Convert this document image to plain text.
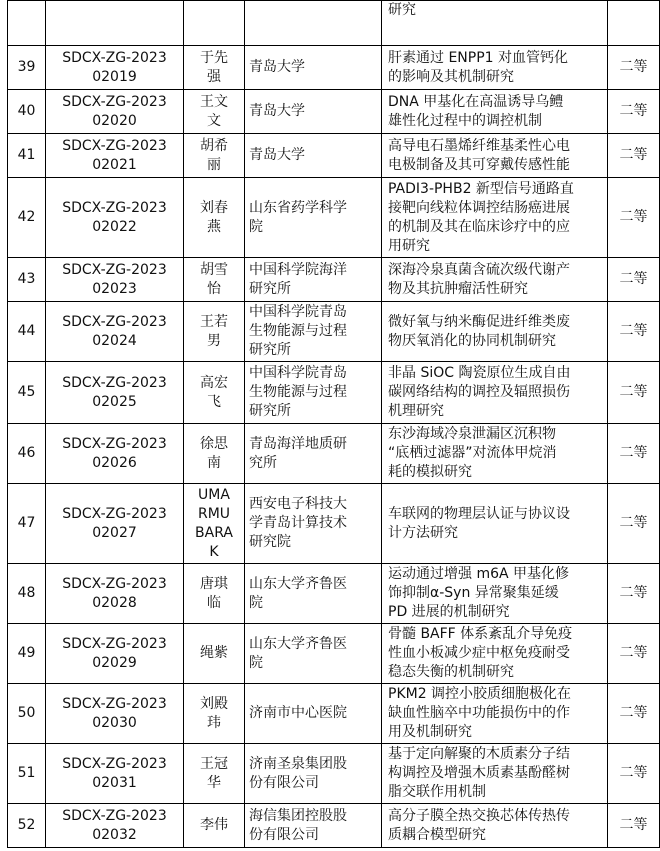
				研究	

39	SDCX-ZG-2023
02019	于先
强	青岛大学	肝素通过 ENPP1 对血管钙化
的影响及其机制研究	二等

40	SDCX-ZG-2023
02020	王文
文	青岛大学	DNA 甲基化在高温诱导乌鳢
雄性化过程中的调控机制	二等

41	SDCX-ZG-2023
02021	胡希
丽	青岛大学	高导电石墨烯纤维基柔性心电
电极制备及其可穿戴传感性能	二等

42	SDCX-ZG-2023
02022	刘春
燕	山东省药学科学
院	PADI3-PHB2 新型信号通路直
接靶向线粒体调控结肠癌进展
的机制及其在临床诊疗中的应
用研究	二等

43	SDCX-ZG-2023
02023	胡雪
怡	中国科学院海洋
研究所	深海冷泉真菌含硫次级代谢产
物及其抗肿瘤活性研究	二等

44	SDCX-ZG-2023
02024	王若
男	中国科学院青岛
生物能源与过程
研究所	微好氧与纳米酶促进纤维类废
物厌氧消化的协同机制研究	二等

45	SDCX-ZG-2023
02025	高宏
飞	中国科学院青岛
生物能源与过程
研究所	非晶 SiOC 陶瓷原位生成自由
碳网络结构的调控及辐照损伤
机理研究	二等

46	SDCX-ZG-2023
02026	徐思
南	青岛海洋地质研
究所	东沙海域冷泉泄漏区沉积物
“底栖过滤器”对流体甲烷消
耗的模拟研究	二等

47	SDCX-ZG-2023
02027	UMA
RMU
BARA
K	西安电子科技大
学青岛计算技术
研究院	车联网的物理层认证与协议设
计方法研究	二等

48	SDCX-ZG-2023
02028	唐琪
临	山东大学齐鲁医
院	运动通过增强 m6A 甲基化修
饰抑制α-Syn 异常聚集延缓
PD 进展的机制研究	二等

49	SDCX-ZG-2023
02029	绳紫	山东大学齐鲁医
院	骨髓 BAFF 体系紊乱介导免疫
性血小板减少症中枢免疫耐受
稳态失衡的机制研究	二等

50	SDCX-ZG-2023
02030	刘殿
玮	济南市中心医院	PKM2 调控小胶质细胞极化在
缺血性脑卒中功能损伤中的作
用及机制研究	二等

51	SDCX-ZG-2023
02031	王冠
华	济南圣泉集团股
份有限公司	基于定向解聚的木质素分子结
构调控及增强木质素基酚醛树
脂交联作用机制	二等

52	SDCX-ZG-2023
02032	李伟	海信集团控股股
份有限公司	高分子膜全热交换芯体传热传
质耦合模型研究	二等
